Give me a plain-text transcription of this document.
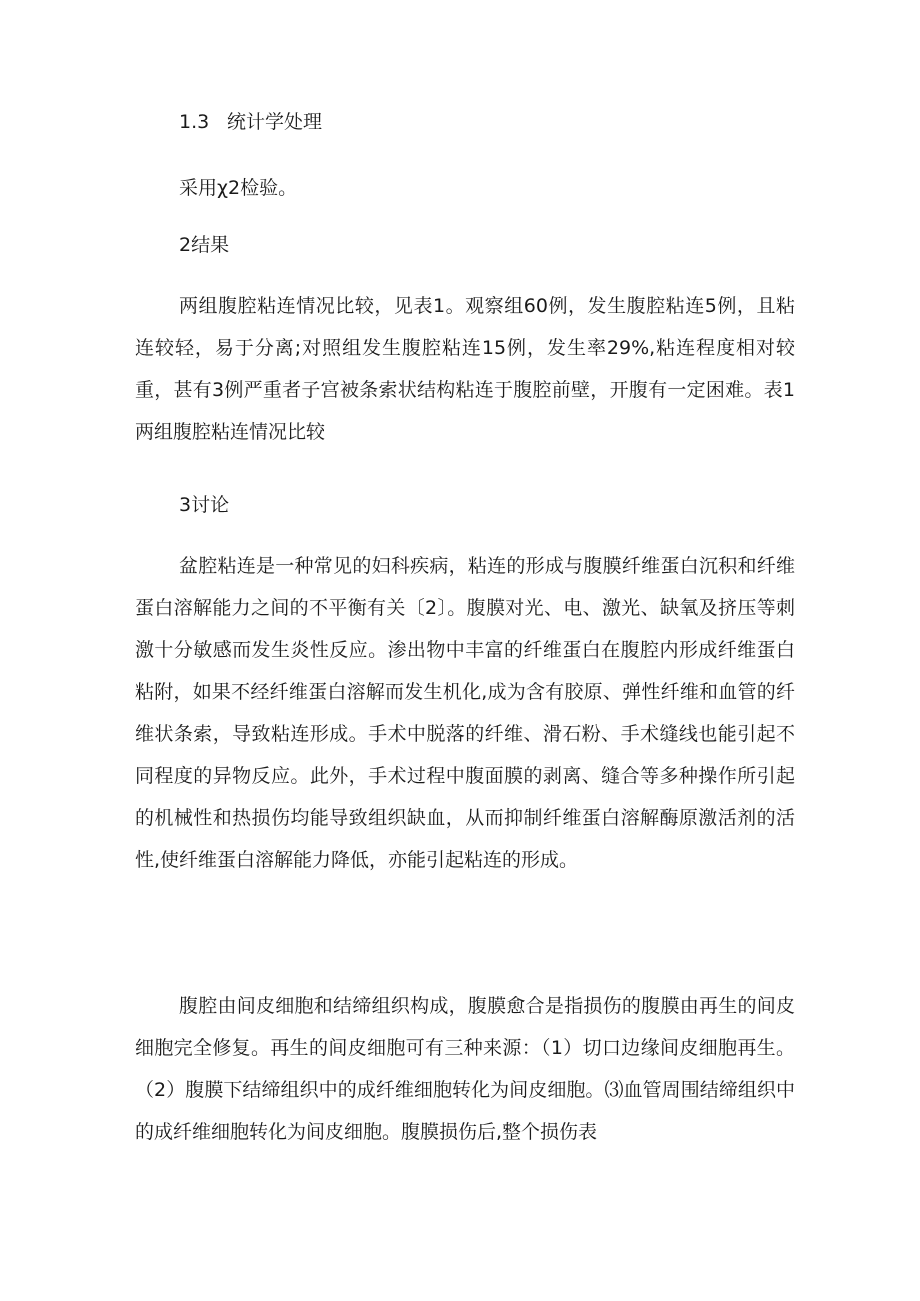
1.3 统计学处理
采用χ2检验。
2结果
两组腹腔粘连情况比较，见表1。观察组60例，发生腹腔粘连5例，且粘连较轻，易于分离;对照组发生腹腔粘连15例，发生率29%,粘连程度相对较重，甚有3例严重者子宫被条索状结构粘连于腹腔前壁，开腹有一定困难。表1两组腹腔粘连情况比较
3讨论
盆腔粘连是一种常见的妇科疾病，粘连的形成与腹膜纤维蛋白沉积和纤维蛋白溶解能力之间的不平衡有关〔2〕。腹膜对光、电、激光、缺氧及挤压等刺激十分敏感而发生炎性反应。渗出物中丰富的纤维蛋白在腹腔内形成纤维蛋白粘附，如果不经纤维蛋白溶解而发生机化,成为含有胶原、弹性纤维和血管的纤维状条索，导致粘连形成。手术中脱落的纤维、滑石粉、手术缝线也能引起不同程度的异物反应。此外，手术过程中腹面膜的剥离、缝合等多种操作所引起的机械性和热损伤均能导致组织缺血，从而抑制纤维蛋白溶解酶原激活剂的活性,使纤维蛋白溶解能力降低，亦能引起粘连的形成。
腹腔由间皮细胞和结缔组织构成，腹膜愈合是指损伤的腹膜由再生的间皮细胞完全修复。再生的间皮细胞可有三种来源：（1）切口边缘间皮细胞再生。（2）腹膜下结缔组织中的成纤维细胞转化为间皮细胞。⑶血管周围结缔组织中的成纤维细胞转化为间皮细胞。腹膜损伤后,整个损伤表
